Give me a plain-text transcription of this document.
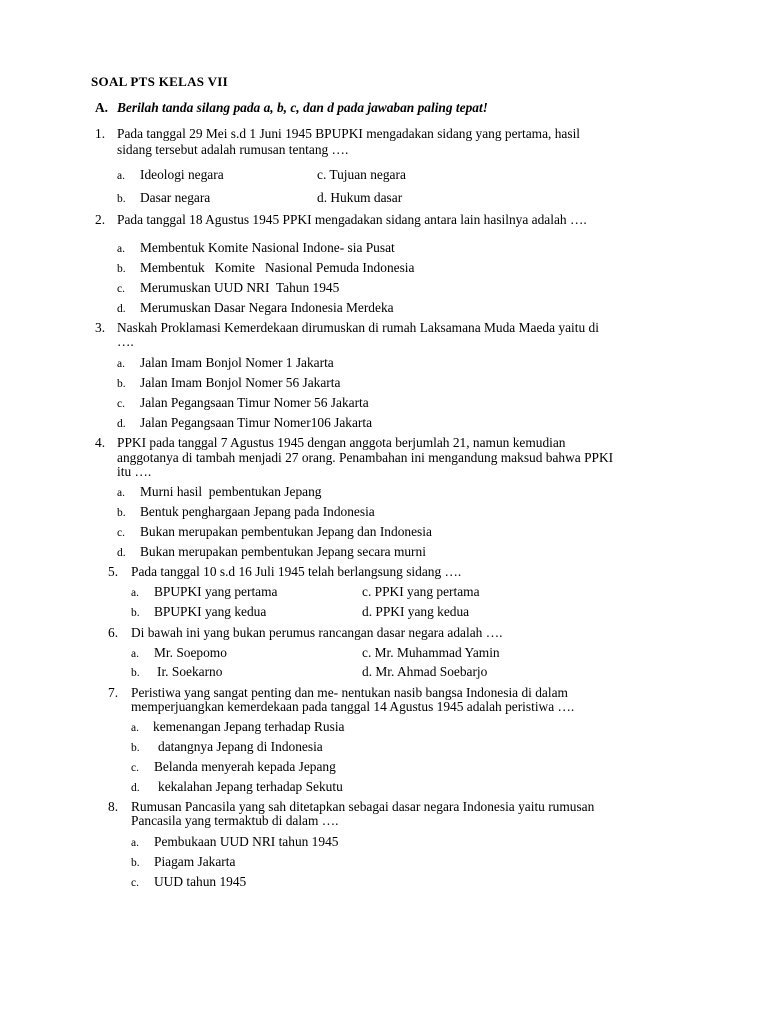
SOAL PTS KELAS VII
A. Berilah tanda silang pada a, b, c, dan d pada jawaban paling tepat!
1. Pada tanggal 29 Mei s.d 1 Juni 1945 BPUPKI mengadakan sidang yang pertama, hasil
sidang tersebut adalah rumusan tentang ….
a. Ideologi negara	c. Tujuan negara
b. Dasar negara	d. Hukum dasar
2. Pada tanggal 18 Agustus 1945 PPKI mengadakan sidang antara lain hasilnya adalah ….
a. Membentuk Komite Nasional Indone- sia Pusat
b. Membentuk   Komite   Nasional Pemuda Indonesia
c. Merumuskan UUD NRI  Tahun 1945
d. Merumuskan Dasar Negara Indonesia Merdeka
3. Naskah Proklamasi Kemerdekaan dirumuskan di rumah Laksamana Muda Maeda yaitu di
….
a. Jalan Imam Bonjol Nomer 1 Jakarta
b. Jalan Imam Bonjol Nomer 56 Jakarta
c. Jalan Pegangsaan Timur Nomer 56 Jakarta
d. Jalan Pegangsaan Timur Nomer106 Jakarta
4. PPKI pada tanggal 7 Agustus 1945 dengan anggota berjumlah 21, namun kemudian
anggotanya di tambah menjadi 27 orang. Penambahan ini mengandung maksud bahwa PPKI
itu ….
a. Murni hasil  pembentukan Jepang
b. Bentuk penghargaan Jepang pada Indonesia
c. Bukan merupakan pembentukan Jepang dan Indonesia
d. Bukan merupakan pembentukan Jepang secara murni
5. Pada tanggal 10 s.d 16 Juli 1945 telah berlangsung sidang ….
a. BPUPKI yang pertama	c. PPKI yang pertama
b. BPUPKI yang kedua	d. PPKI yang kedua
6. Di bawah ini yang bukan perumus rancangan dasar negara adalah ….
a. Mr. Soepomo	c. Mr. Muhammad Yamin
b. Ir. Soekarno	d. Mr. Ahmad Soebarjo
7. Peristiwa yang sangat penting dan me- nentukan nasib bangsa Indonesia di dalam
memperjuangkan kemerdekaan pada tanggal 14 Agustus 1945 adalah peristiwa ….
a. kemenangan Jepang terhadap Rusia
b. datangnya Jepang di Indonesia
c. Belanda menyerah kepada Jepang
d. kekalahan Jepang terhadap Sekutu
8. Rumusan Pancasila yang sah ditetapkan sebagai dasar negara Indonesia yaitu rumusan
Pancasila yang termaktub di dalam ….
a. Pembukaan UUD NRI tahun 1945
b. Piagam Jakarta
c. UUD tahun 1945
